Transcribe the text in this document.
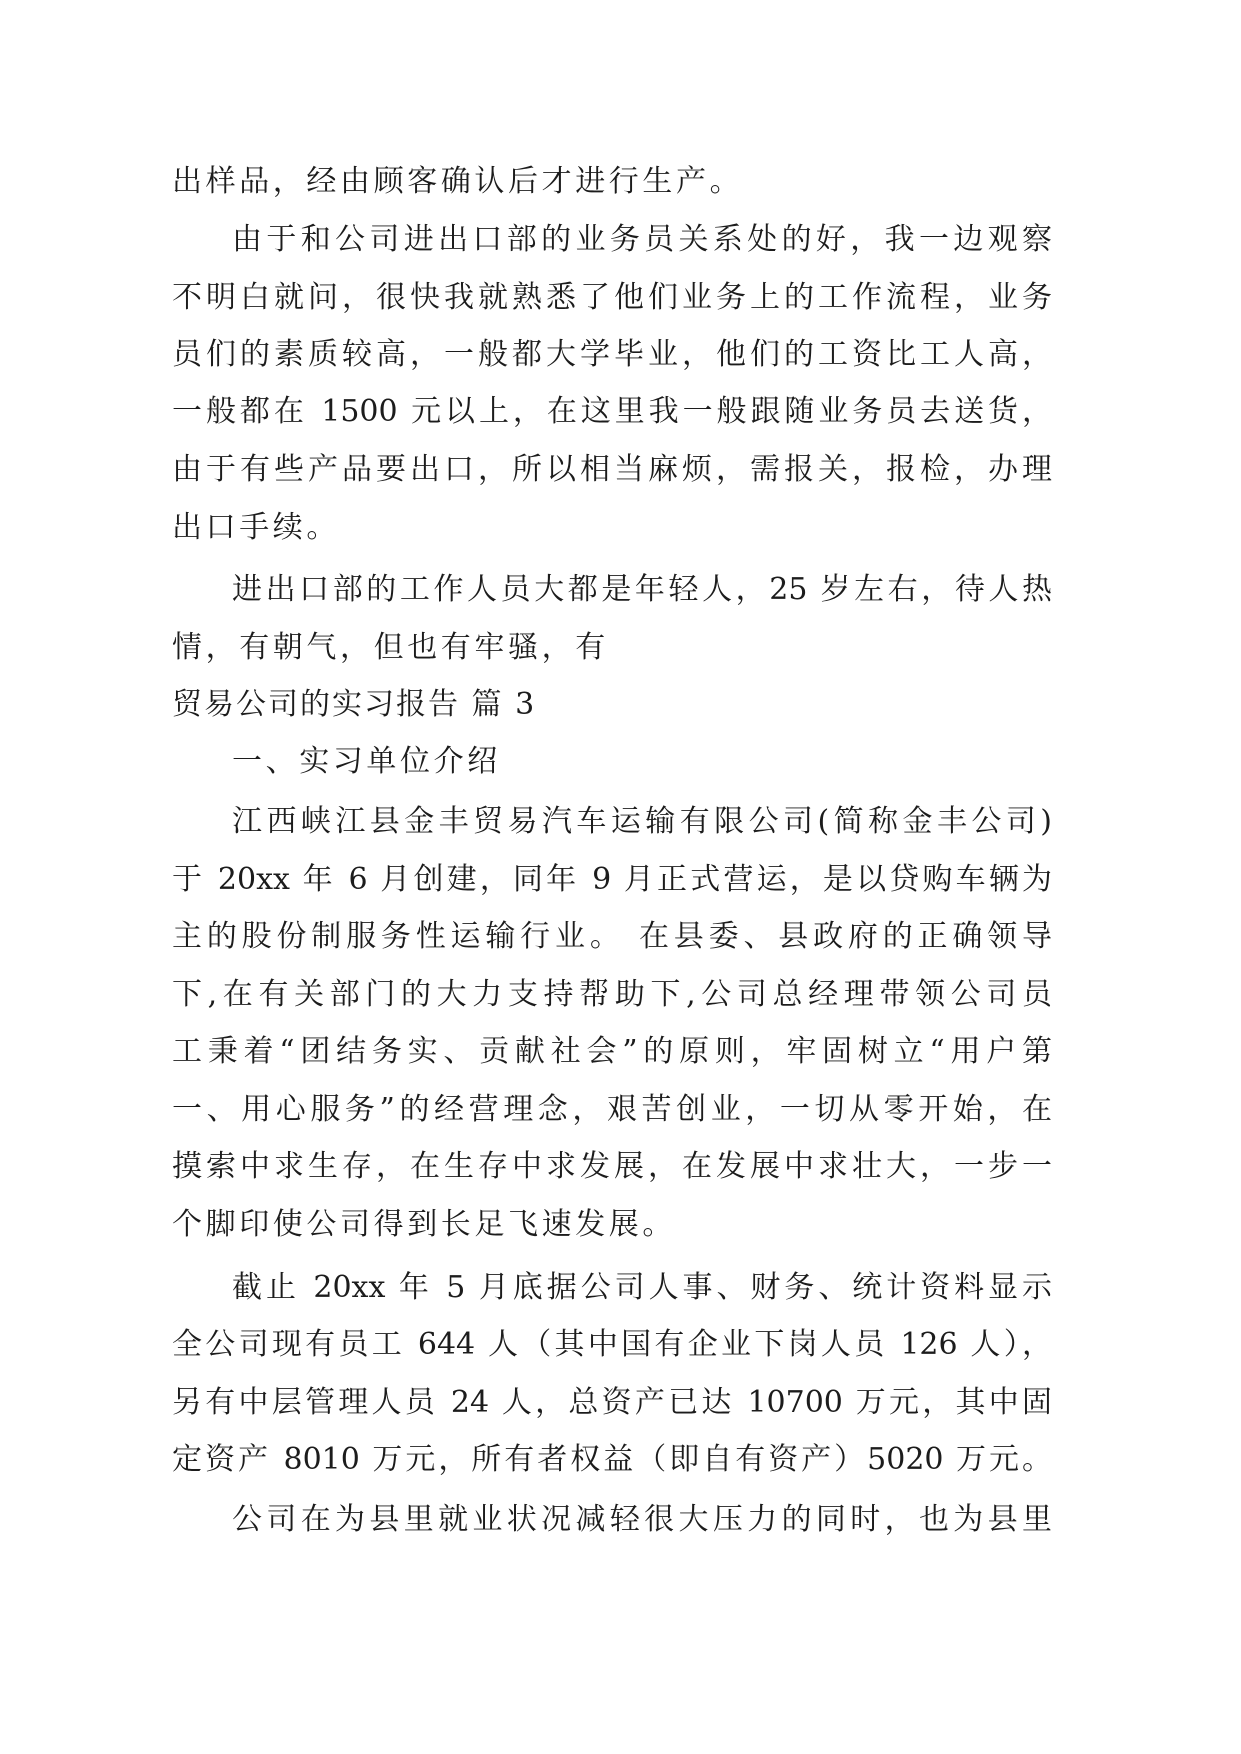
出样品，经由顾客确认后才进行生产。
由于和公司进出口部的业务员关系处的好，我一边观察
不明白就问，很快我就熟悉了他们业务上的工作流程，业务
员们的素质较高，一般都大学毕业，他们的工资比工人高，
一般都在 1500 元以上，在这里我一般跟随业务员去送货，
由于有些产品要出口，所以相当麻烦，需报关，报检，办理
出口手续。
进出口部的工作人员大都是年轻人，25 岁左右，待人热
情，有朝气，但也有牢骚，有
贸易公司的实习报告 篇 3
一、实习单位介绍
江西峡江县金丰贸易汽车运输有限公司(简称金丰公司)
于 20xx 年 6 月创建，同年 9 月正式营运，是以贷购车辆为
主的股份制服务性运输行业。 在县委、县政府的正确领导
下,在有关部门的大力支持帮助下,公司总经理带领公司员
工秉着“团结务实、贡献社会”的原则，牢固树立“用户第
一、用心服务”的经营理念，艰苦创业，一切从零开始，在
摸索中求生存，在生存中求发展，在发展中求壮大，一步一
个脚印使公司得到长足飞速发展。
截止 20xx 年 5 月底据公司人事、财务、统计资料显示
全公司现有员工 644 人（其中国有企业下岗人员 126 人），
另有中层管理人员 24 人，总资产已达 10700 万元，其中固
定资产 8010 万元，所有者权益（即自有资产）5020 万元。
公司在为县里就业状况减轻很大压力的同时，也为县里
